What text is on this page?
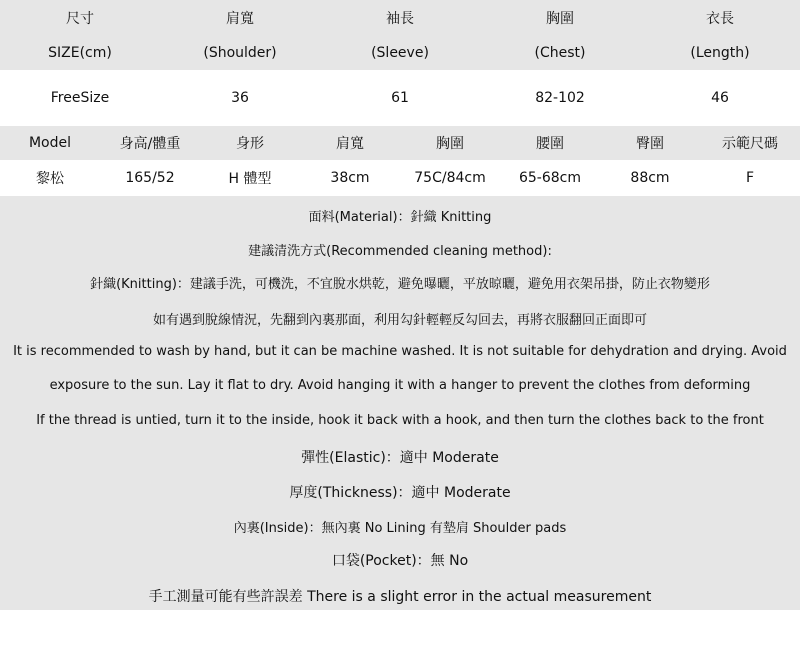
尺寸	肩寬	袖長	胸圍	衣長
SIZE(cm)	(Shoulder)	(Sleeve)	(Chest)	(Length)
FreeSize	36	61	82-102	46
Model	身高/體重	身形	肩寬	胸圍	腰圍	臀圍	示範尺碼
黎松	165/52	H 體型	38cm	75C/84cm	65-68cm	88cm	F
面料(Material)：針織 Knitting
建議清洗方式(Recommended cleaning method):
針織(Knitting)：建議手洗，可機洗，不宜脫水烘乾，避免曝曬，平放晾曬，避免用衣架吊掛，防止衣物變形
如有遇到脫線情況，先翻到內裏那面，利用勾針輕輕反勾回去，再將衣服翻回正面即可
It is recommended to wash by hand, but it can be machine washed. It is not suitable for dehydration and drying. Avoid
exposure to the sun. Lay it flat to dry. Avoid hanging it with a hanger to prevent the clothes from deforming
If the thread is untied, turn it to the inside, hook it back with a hook, and then turn the clothes back to the front
彈性(Elastic)：適中 Moderate
厚度(Thickness)：適中 Moderate
內裏(Inside)：無內裏 No Lining 有墊肩 Shoulder pads
口袋(Pocket)：無 No
手工測量可能有些許誤差 There is a slight error in the actual measurement
